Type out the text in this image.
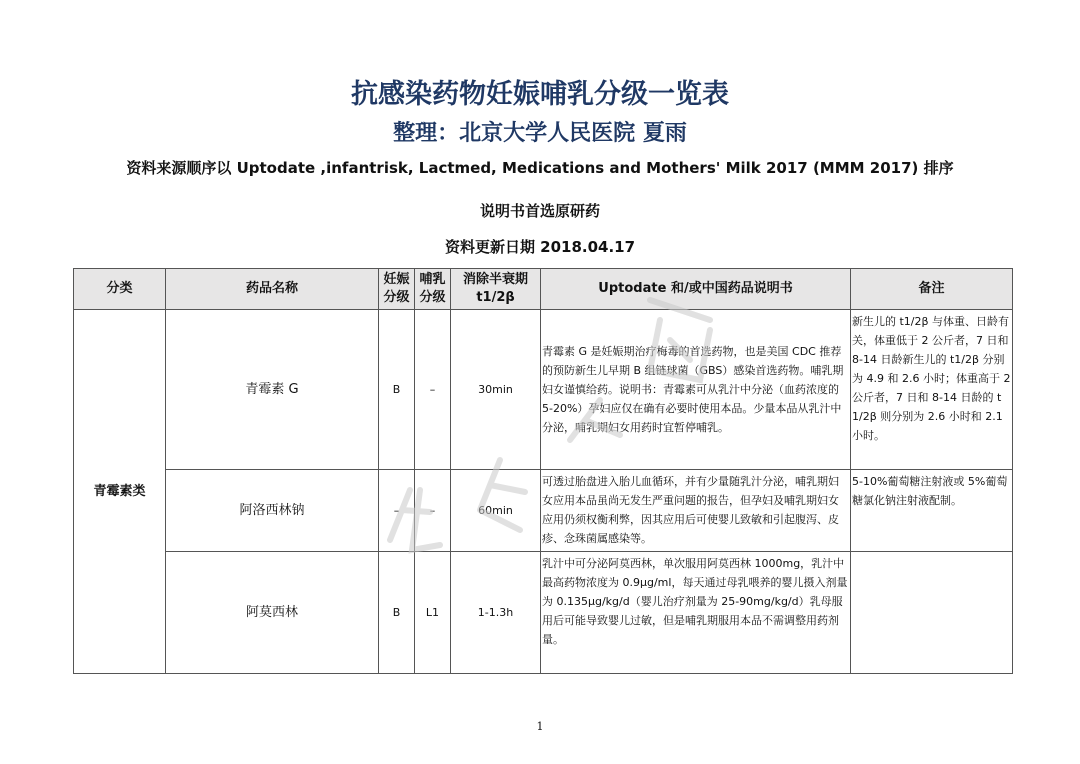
抗感染药物妊娠哺乳分级一览表
整理：北京大学人民医院 夏雨
资料来源顺序以 Uptodate ,infantrisk, Lactmed, Medications and Mothers' Milk 2017 (MMM 2017) 排序
说明书首选原研药
资料更新日期 2018.04.17
分类	药品名称	妊娠分级	哺乳分级	消除半衰期 t1/2β	Uptodate 和/或中国药品说明书	备注
青霉素类	青霉素 G	B	–	30min	青霉素 G 是妊娠期治疗梅毒的首选药物，也是美国 CDC 推荐的预防新生儿早期 B 组链球菌（GBS）感染首选药物。哺乳期妇女谨慎给药。说明书：青霉素可从乳汁中分泌（血药浓度的 5-20%）孕妇应仅在确有必要时使用本品。少量本品从乳汁中分泌，哺乳期妇女用药时宜暂停哺乳。	新生儿的 t1/2β 与体重、日龄有关，体重低于 2 公斤者，7 日和 8-14 日龄新生儿的 t1/2β 分别为 4.9 和 2.6 小时；体重高于 2 公斤者，7 日和 8-14 日龄的 t1/2β 则分别为 2.6 小时和 2.1 小时。
	阿洛西林钠	–	–	60min	可透过胎盘进入胎儿血循环，并有少量随乳汁分泌，哺乳期妇女应用本品虽尚无发生严重问题的报告，但孕妇及哺乳期妇女应用仍须权衡利弊，因其应用后可使婴儿致敏和引起腹泻、皮疹、念珠菌属感染等。	5-10%葡萄糖注射液或 5%葡萄糖氯化钠注射液配制。
	阿莫西林	B	L1	1-1.3h	乳汁中可分泌阿莫西林，单次服用阿莫西林 1000mg，乳汁中最高药物浓度为 0.9μg/ml，每天通过母乳喂养的婴儿摄入剂量为 0.135μg/kg/d（婴儿治疗剂量为 25-90mg/kg/d）乳母服用后可能导致婴儿过敏，但是哺乳期服用本品不需调整用药剂量。	
1
